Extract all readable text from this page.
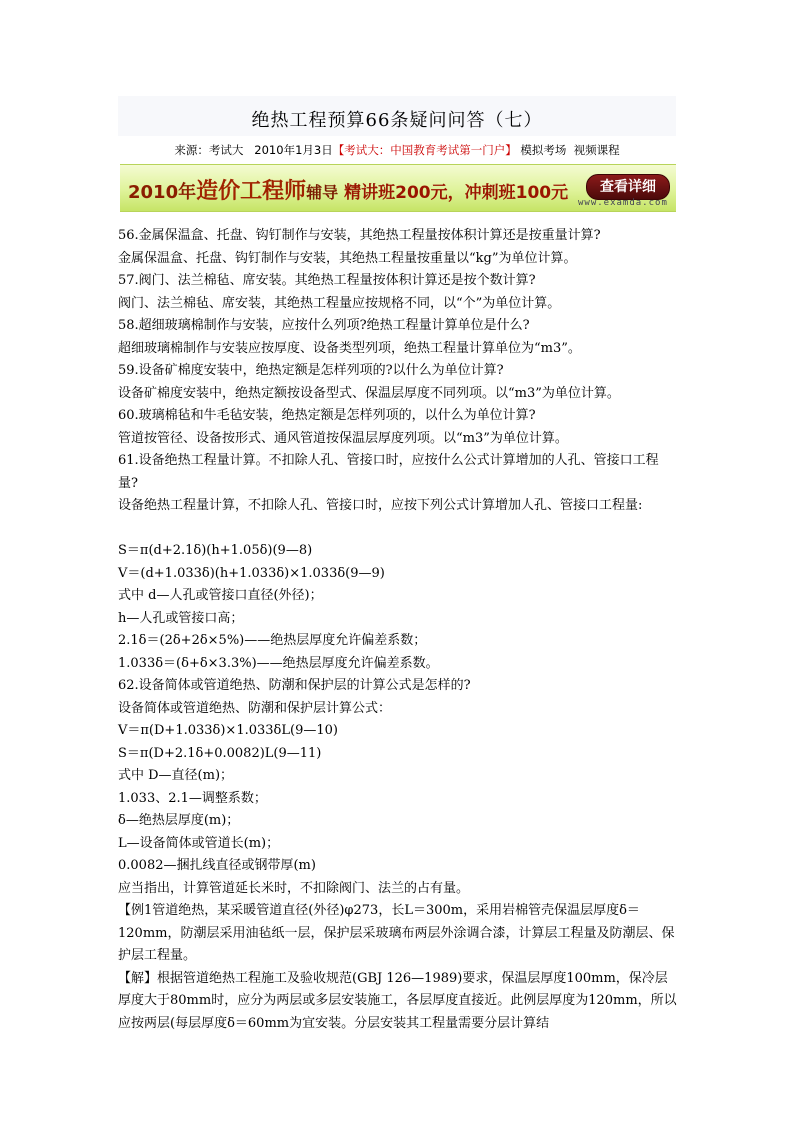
绝热工程预算66条疑问问答（七）
来源：考试大 2010年1月3日【考试大：中国教育考试第一门户】 模拟考场 视频课程
2010年造价工程师辅导 精讲班200元，冲刺班100元	查看详细
www.examda.com

56.金属保温盒、托盘、钩钉制作与安装，其绝热工程量按体积计算还是按重量计算?

金属保温盒、托盘、钩钉制作与安装，其绝热工程量按重量以“kg”为单位计算。

57.阀门、法兰棉毡、席安装。其绝热工程量按体积计算还是按个数计算?

阀门、法兰棉毡、席安装，其绝热工程量应按规格不同，以“个”为单位计算。

58.超细玻璃棉制作与安装，应按什么列项?绝热工程量计算单位是什么?

超细玻璃棉制作与安装应按厚度、设备类型列项，绝热工程量计算单位为“m3”。

59.设备矿棉度安装中，绝热定额是怎样列项的?以什么为单位计算?

设备矿棉度安装中，绝热定额按设备型式、保温层厚度不同列项。以“m3”为单位计算。

60.玻璃棉毡和牛毛毡安装，绝热定额是怎样列项的，以什么为单位计算?

管道按管径、设备按形式、通风管道按保温层厚度列项。以“m3”为单位计算。

61.设备绝热工程量计算。不扣除人孔、管接口时，应按什么公式计算增加的人孔、管接口工程量?

设备绝热工程量计算，不扣除人孔、管接口时，应按下列公式计算增加人孔、管接口工程量:

S＝π(d+2.1δ)(h+1.05δ)(9—8)

V＝(d+1.033δ)(h+1.033δ)×1.033δ(9—9)

式中 d—人孔或管接口直径(外径)；

h—人孔或管接口高；

2.1δ＝(2δ+2δ×5%)——绝热层厚度允许偏差系数；

1.033δ＝(δ+δ×3.3%)——绝热层厚度允许偏差系数。

62.设备简体或管道绝热、防潮和保护层的计算公式是怎样的?

设备简体或管道绝热、防潮和保护层计算公式：

V＝π(D+1.033δ)×1.033δL(9—10)

S＝π(D+2.1δ+0.0082)L(9—11)

式中 D—直径(m)；

1.033、2.1—调整系数；

δ—绝热层厚度(m)；

L—设备简体或管道长(m)；

0.0082—捆扎线直径或钢带厚(m)

应当指出，计算管道延长米时，不扣除阀门、法兰的占有量。

【例1管道绝热，某采暖管道直径(外径)φ273，长L＝300m，采用岩棉管壳保温层厚度δ＝120mm，防潮层采用油毡纸一层，保护层采玻璃布两层外涂调合漆，计算层工程量及防潮层、保护层工程量。

【解】根据管道绝热工程施工及验收规范(GBJ 126—1989)要求，保温层厚度100mm，保冷层厚度大于80mm时，应分为两层或多层安装施工，各层厚度直接近。此例层厚度为120mm，所以应按两层(每层厚度δ＝60mm为宜安装。分层安装其工程量需要分层计算结
